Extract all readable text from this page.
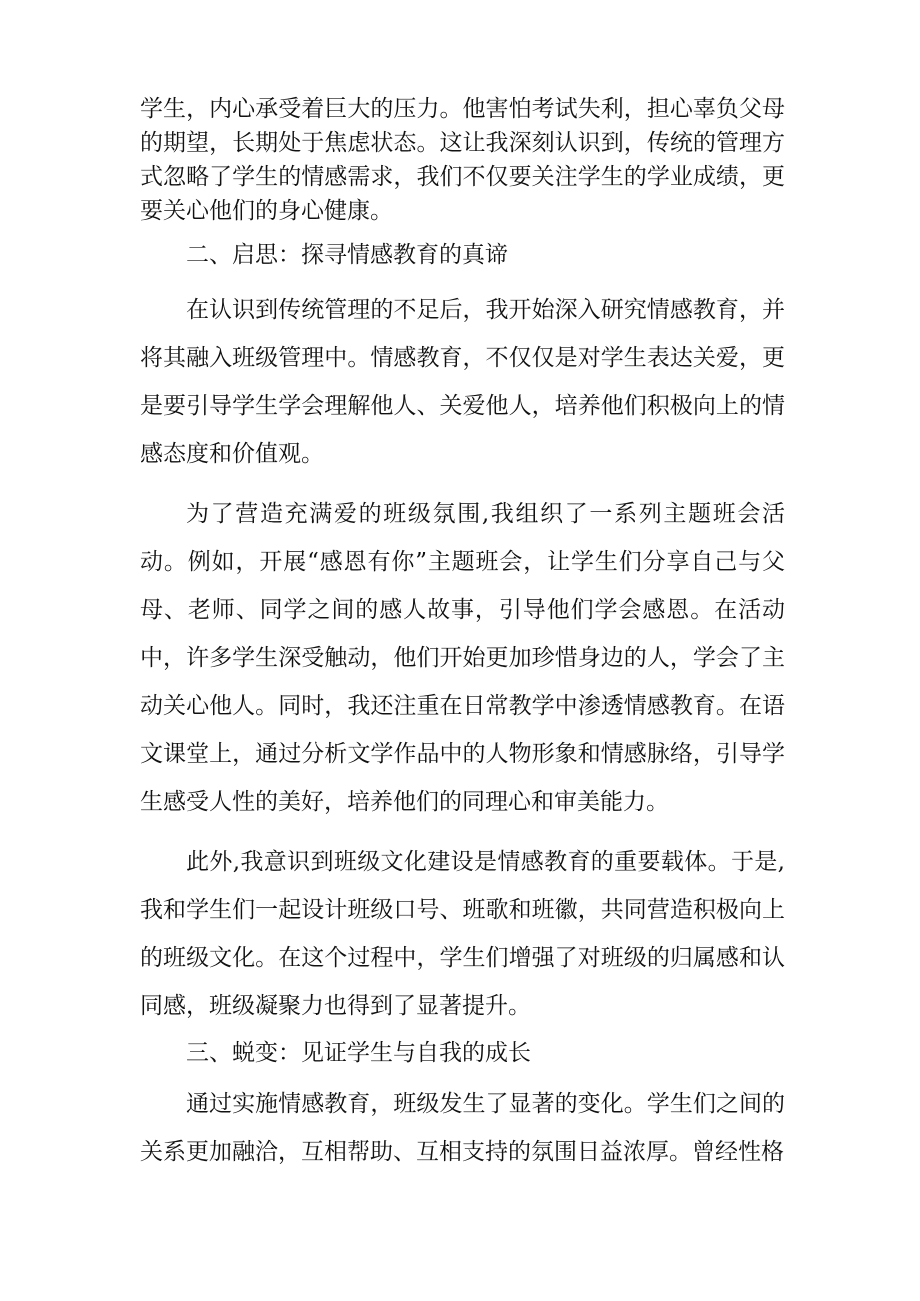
学生，内心承受着巨大的压力。他害怕考试失利，担心辜负父母的期望，长期处于焦虑状态。这让我深刻认识到，传统的管理方式忽略了学生的情感需求，我们不仅要关注学生的学业成绩，更要关心他们的身心健康。

二、启思：探寻情感教育的真谛

在认识到传统管理的不足后，我开始深入研究情感教育，并将其融入班级管理中。情感教育，不仅仅是对学生表达关爱，更是要引导学生学会理解他人、关爱他人，培养他们积极向上的情感态度和价值观。

为了营造充满爱的班级氛围,我组织了一系列主题班会活动。例如，开展“感恩有你”主题班会，让学生们分享自己与父母、老师、同学之间的感人故事，引导他们学会感恩。在活动中，许多学生深受触动，他们开始更加珍惜身边的人，学会了主动关心他人。同时，我还注重在日常教学中渗透情感教育。在语文课堂上，通过分析文学作品中的人物形象和情感脉络，引导学生感受人性的美好，培养他们的同理心和审美能力。

此外,我意识到班级文化建设是情感教育的重要载体。于是,我和学生们一起设计班级口号、班歌和班徽，共同营造积极向上的班级文化。在这个过程中，学生们增强了对班级的归属感和认同感，班级凝聚力也得到了显著提升。

三、蜕变：见证学生与自我的成长

通过实施情感教育，班级发生了显著的变化。学生们之间的关系更加融洽，互相帮助、互相支持的氛围日益浓厚。曾经性格
